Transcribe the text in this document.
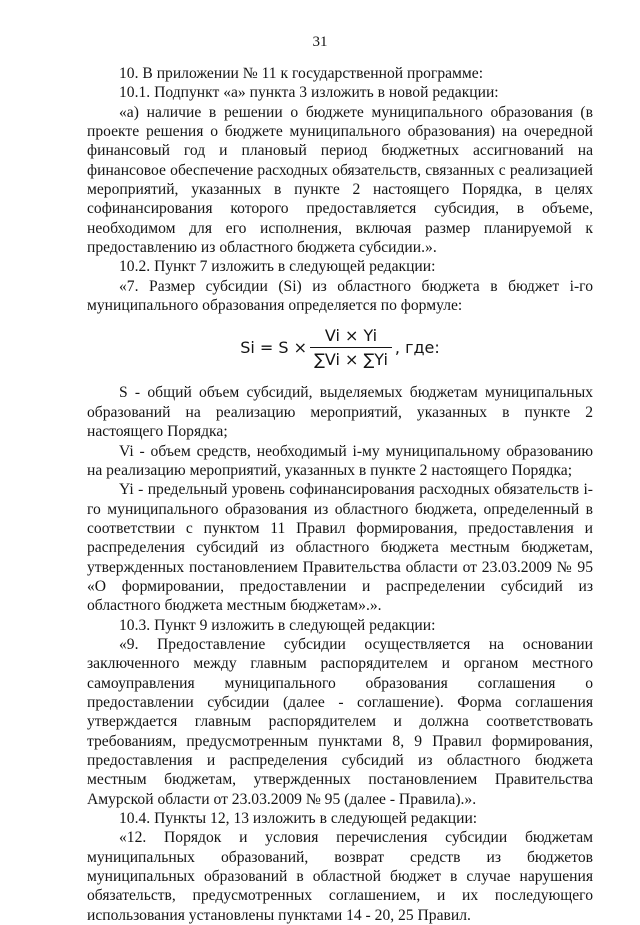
31

10. В приложении № 11 к государственной программе:

10.1. Подпункт «а» пункта 3 изложить в новой редакции:

«а) наличие в решении о бюджете муниципального образования (в проекте решения о бюджете муниципального образования) на очередной финансовый год и плановый период бюджетных ассигнований на финансовое обеспечение расходных обязательств, связанных с реализацией мероприятий, указанных в пункте 2 настоящего Порядка, в целях софинансирования которого предоставляется субсидия, в объеме, необходимом для его исполнения, включая размер планируемой к предоставлению из областного бюджета субсидии.».

10.2. Пункт 7 изложить в следующей редакции:

«7. Размер субсидии (Si) из областного бюджета в бюджет i-го муниципального образования определяется по формуле:

$Si = S \times \frac{Vi \times Yi}{\sum Vi \times \sum Yi}$ , где:

S - общий объем субсидий, выделяемых бюджетам муниципальных образований на реализацию мероприятий, указанных в пункте 2 настоящего Порядка;

Vi - объем средств, необходимый i-му муниципальному образованию на реализацию мероприятий, указанных в пункте 2 настоящего Порядка;

Yi - предельный уровень софинансирования расходных обязательств i-го муниципального образования из областного бюджета, определенный в соответствии с пунктом 11 Правил формирования, предоставления и распределения субсидий из областного бюджета местным бюджетам, утвержденных постановлением Правительства области от 23.03.2009 № 95 «О формировании, предоставлении и распределении субсидий из областного бюджета местным бюджетам».».

10.3. Пункт 9 изложить в следующей редакции:

«9. Предоставление субсидии осуществляется на основании заключенного между главным распорядителем и органом местного самоуправления муниципального образования соглашения о предоставлении субсидии (далее - соглашение). Форма соглашения утверждается главным распорядителем и должна соответствовать требованиям, предусмотренным пунктами 8, 9 Правил формирования, предоставления и распределения субсидий из областного бюджета местным бюджетам, утвержденных постановлением Правительства Амурской области от 23.03.2009 № 95 (далее - Правила).».

10.4. Пункты 12, 13 изложить в следующей редакции:

«12. Порядок и условия перечисления субсидии бюджетам муниципальных образований, возврат средств из бюджетов муниципальных образований в областной бюджет в случае нарушения обязательств, предусмотренных соглашением, и их последующего использования установлены пунктами 14 - 20, 25 Правил.
